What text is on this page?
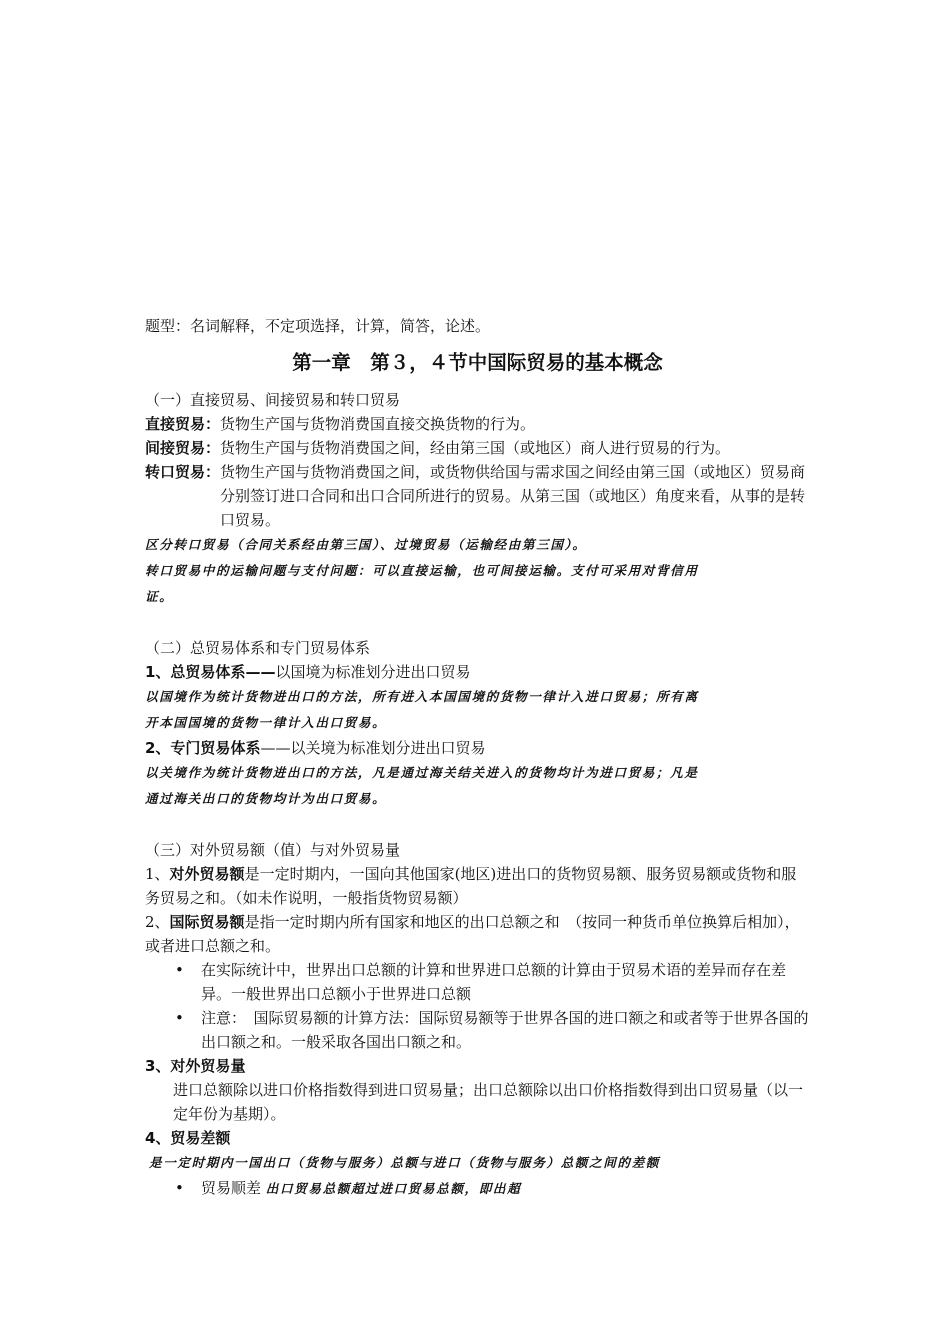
题型：名词解释，不定项选择，计算，简答，论述。
第一章　第３，４节中国际贸易的基本概念
（一）直接贸易、间接贸易和转口贸易
直接贸易：货物生产国与货物消费国直接交换货物的行为。
间接贸易：货物生产国与货物消费国之间，经由第三国（或地区）商人进行贸易的行为。
转口贸易： 货物生产国与货物消费国之间，或货物供给国与需求国之间经由第三国（或地区）贸易商分别签订进口合同和出口合同所进行的贸易。从第三国（或地区）角度来看，从事的是转口贸易。
区分转口贸易（合同关系经由第三国）、过境贸易（运输经由第三国）。
转口贸易中的运输问题与支付问题：可以直接运输，也可间接运输。支付可采用对背信用
证。
（二）总贸易体系和专门贸易体系
1、总贸易体系——以国境为标准划分进出口贸易
以国境作为统计货物进出口的方法，所有进入本国国境的货物一律计入进口贸易；所有离
开本国国境的货物一律计入出口贸易。
2、专门贸易体系——以关境为标准划分进出口贸易
以关境作为统计货物进出口的方法，凡是通过海关结关进入的货物均计为进口贸易；凡是
通过海关出口的货物均计为出口贸易。
（三）对外贸易额（值）与对外贸易量
1、对外贸易额是一定时期内，一国向其他国家(地区)进出口的货物贸易额、服务贸易额或货物和服务贸易之和。（如未作说明，一般指货物贸易额）
2、国际贸易额是指一定时期内所有国家和地区的出口总额之和　（按同一种货币单位换算后相加），或者进口总额之和。
•	在实际统计中，世界出口总额的计算和世界进口总额的计算由于贸易术语的差异而存在差异。一般世界出口总额小于世界进口总额
•	注意：　国际贸易额的计算方法：国际贸易额等于世界各国的进口额之和或者等于世界各国的出口额之和。一般采取各国出口额之和。
3、对外贸易量
进口总额除以进口价格指数得到进口贸易量；出口总额除以出口价格指数得到出口贸易量（以一定年份为基期）。
4、贸易差额
是一定时期内一国出口（货物与服务）总额与进口（货物与服务）总额之间的差额
•	贸易顺差 出口贸易总额超过进口贸易总额，即出超
